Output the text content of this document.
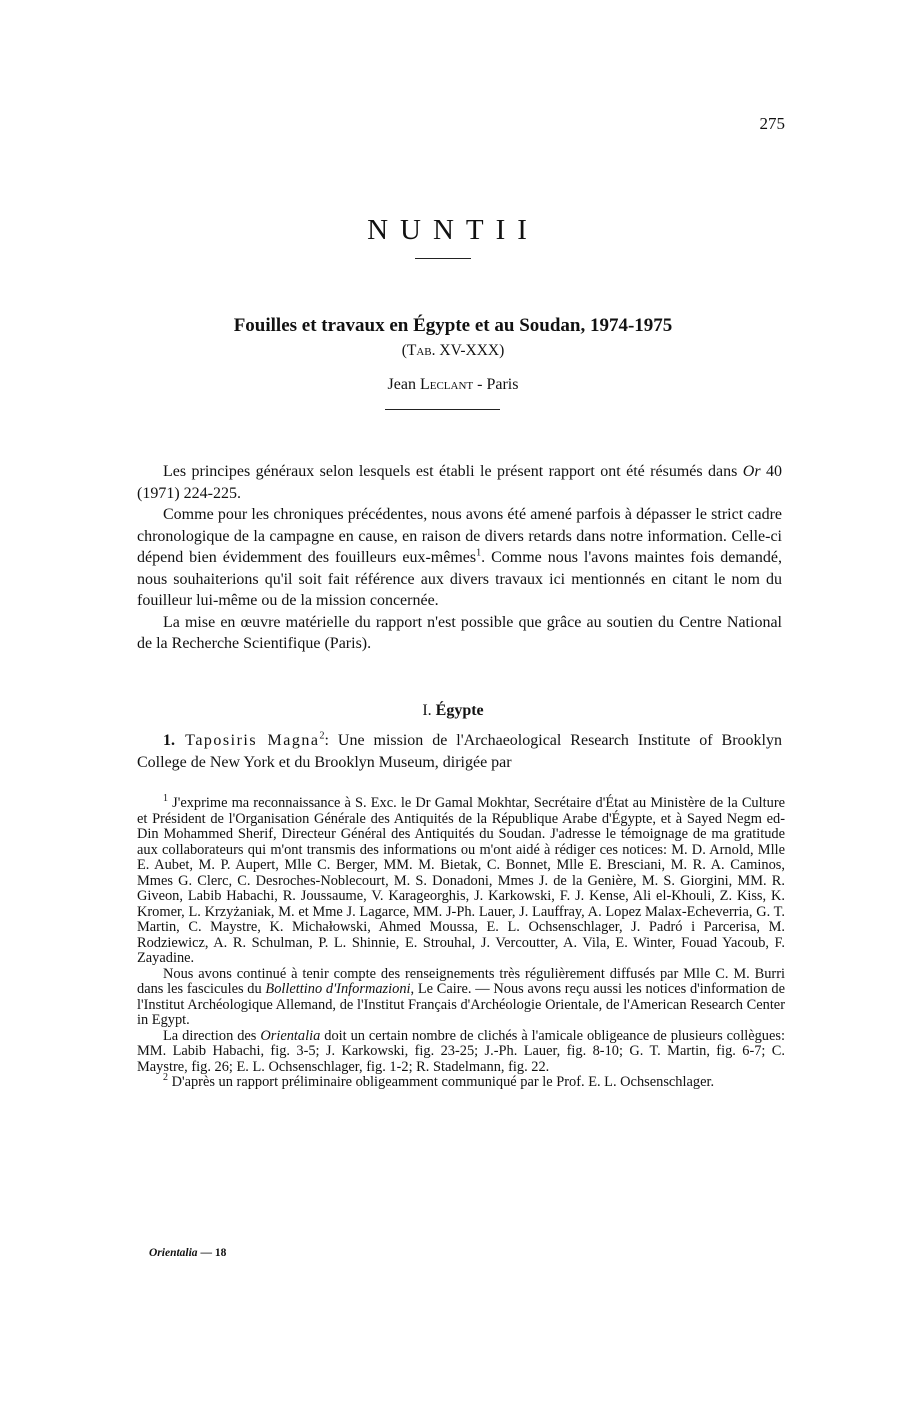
275

NUNTII
Fouilles et travaux en Égypte et au Soudan, 1974-1975

(Tab. XV-XXX)

Jean Leclant - Paris

Les principes généraux selon lesquels est établi le présent rapport ont été résumés dans Or 40 (1971) 224-225.

Comme pour les chroniques précédentes, nous avons été amené parfois à dépasser le strict cadre chronologique de la campagne en cause, en raison de divers retards dans notre information. Celle-ci dépend bien évidemment des fouilleurs eux-mêmes$^1$. Comme nous l'avons maintes fois demandé, nous souhaiterions qu'il soit fait référence aux divers travaux ici mentionnés en citant le nom du fouilleur lui-même ou de la mission concernée.

La mise en œuvre matérielle du rapport n'est possible que grâce au soutien du Centre National de la Recherche Scientifique (Paris).

I. Égypte

1. Taposiris Magna$^2$: Une mission de l'Archaeological Research Institute of Brooklyn College de New York et du Brooklyn Museum, dirigée par

$^1$ J'exprime ma reconnaissance à S. Exc. le Dr Gamal Mokhtar, Secrétaire d'État au Ministère de la Culture et Président de l'Organisation Générale des Antiquités de la République Arabe d'Égypte, et à Sayed Negm ed-Din Mohammed Sherif, Directeur Général des Antiquités du Soudan. J'adresse le témoignage de ma gratitude aux collaborateurs qui m'ont transmis des informations ou m'ont aidé à rédiger ces notices: M. D. Arnold, Mlle E. Aubet, M. P. Aupert, Mlle C. Berger, MM. M. Bietak, C. Bonnet, Mlle E. Bresciani, M. R. A. Caminos, Mmes G. Clerc, C. Desroches-Noblecourt, M. S. Donadoni, Mmes J. de la Genière, M. S. Giorgini, MM. R. Giveon, Labib Habachi, R. Joussaume, V. Karageorghis, J. Karkowski, F. J. Kense, Ali el-Khouli, Z. Kiss, K. Kromer, L. Krzyżaniak, M. et Mme J. Lagarce, MM. J-Ph. Lauer, J. Lauffray, A. Lopez Malax-Echeverria, G. T. Martin, C. Maystre, K. Michałowski, Ahmed Moussa, E. L. Ochsenschlager, J. Padró i Parcerisa, M. Rodziewicz, A. R. Schulman, P. L. Shinnie, E. Strouhal, J. Vercoutter, A. Vila, E. Winter, Fouad Yacoub, F. Zayadine.

Nous avons continué à tenir compte des renseignements très régulièrement diffusés par Mlle C. M. Burri dans les fascicules du Bollettino d'Informazioni, Le Caire. — Nous avons reçu aussi les notices d'information de l'Institut Archéologique Allemand, de l'Institut Français d'Archéologie Orientale, de l'American Research Center in Egypt.

La direction des Orientalia doit un certain nombre de clichés à l'amicale obligeance de plusieurs collègues: MM. Labib Habachi, fig. 3-5; J. Karkowski, fig. 23-25; J.-Ph. Lauer, fig. 8-10; G. T. Martin, fig. 6-7; C. Maystre, fig. 26; E. L. Ochsenschlager, fig. 1-2; R. Stadelmann, fig. 22.

$^2$ D'après un rapport préliminaire obligeamment communiqué par le Prof. E. L. Ochsenschlager.

Orientalia — 18
